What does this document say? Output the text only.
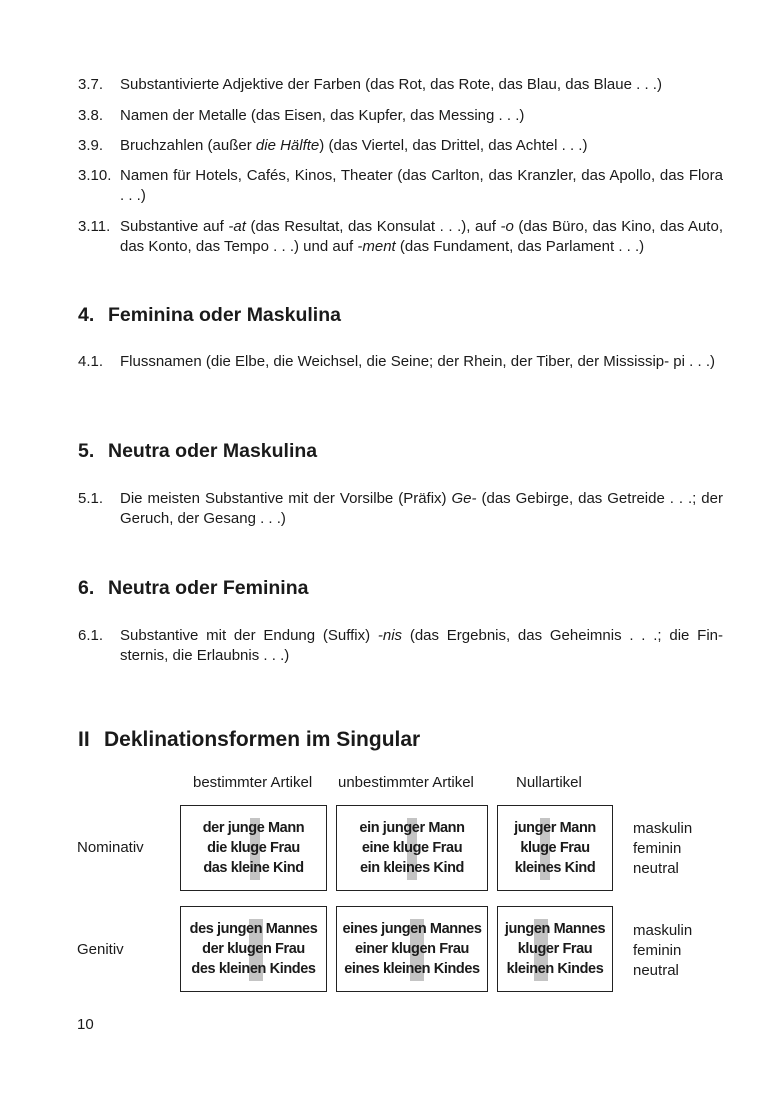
3.7. Substantivierte Adjektive der Farben (das Rot, das Rote, das Blau, das Blaue . . .)
3.8. Namen der Metalle (das Eisen, das Kupfer, das Messing . . .)
3.9. Bruchzahlen (außer die Hälfte) (das Viertel, das Drittel, das Achtel . . .)
3.10. Namen für Hotels, Cafés, Kinos, Theater (das Carlton, das Kranzler, das Apollo, das Flora . . .)
3.11. Substantive auf -at (das Resultat, das Konsulat . . .), auf -o (das Büro, das Kino, das Auto, das Konto, das Tempo . . .) und auf -ment (das Fundament, das Parlament . . .)
4. Feminina oder Maskulina
4.1. Flussnamen (die Elbe, die Weichsel, die Seine; der Rhein, der Tiber, der Mississip- pi . . .)
5. Neutra oder Maskulina
5.1. Die meisten Substantive mit der Vorsilbe (Präfix) Ge- (das Gebirge, das Getreide . . .; der Geruch, der Gesang . . .)
6. Neutra oder Feminina
6.1. Substantive mit der Endung (Suffix) -nis (das Ergebnis, das Geheimnis . . .; die Fin- sternis, die Erlaubnis . . .)
II Deklinationsformen im Singular
bestimmter Artikel unbestimmter Artikel	Nullartikel
Nominativ
Genitiv
der junge Mann
die kluge Frau
das kleine Kind
ein junger Mann
eine kluge Frau
ein kleines Kind
junger Mann
kluge Frau
kleines Kind
maskulin
feminin
neutral
des jungen Mannes
der klugen Frau
des kleinen Kindes
eines jungen Mannes
einer klugen Frau
eines kleinen Kindes
jungen Mannes
kluger Frau
kleinen Kindes
maskulin
feminin
neutral
10
